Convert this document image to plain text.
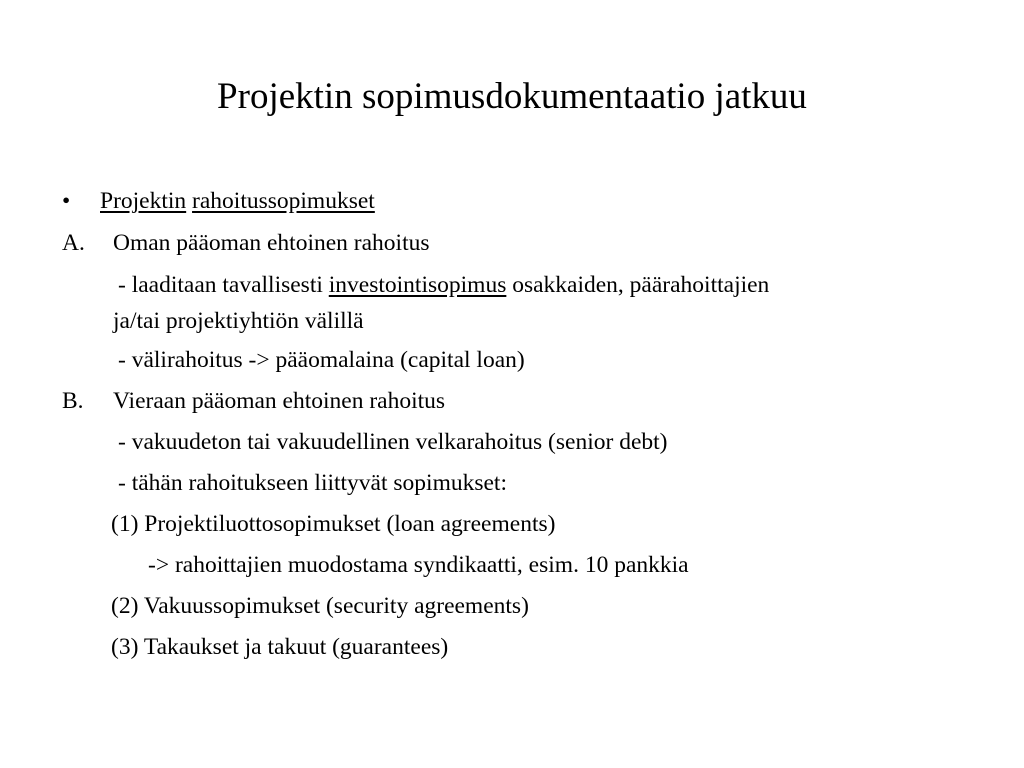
Projektin sopimusdokumentaatio jatkuu
• Projektin rahoitussopimukset
A. Oman pääoman ehtoinen rahoitus
- laaditaan tavallisesti investointisopimus osakkaiden, päärahoittajien
ja/tai projektiyhtiön välillä
- välirahoitus -> pääomalaina (capital loan)
B. Vieraan pääoman ehtoinen rahoitus
- vakuudeton tai vakuudellinen velkarahoitus (senior debt)
- tähän rahoitukseen liittyvät sopimukset:
(1) Projektiluottosopimukset (loan agreements)
-> rahoittajien muodostama syndikaatti, esim. 10 pankkia
(2) Vakuussopimukset (security agreements)
(3) Takaukset ja takuut (guarantees)
